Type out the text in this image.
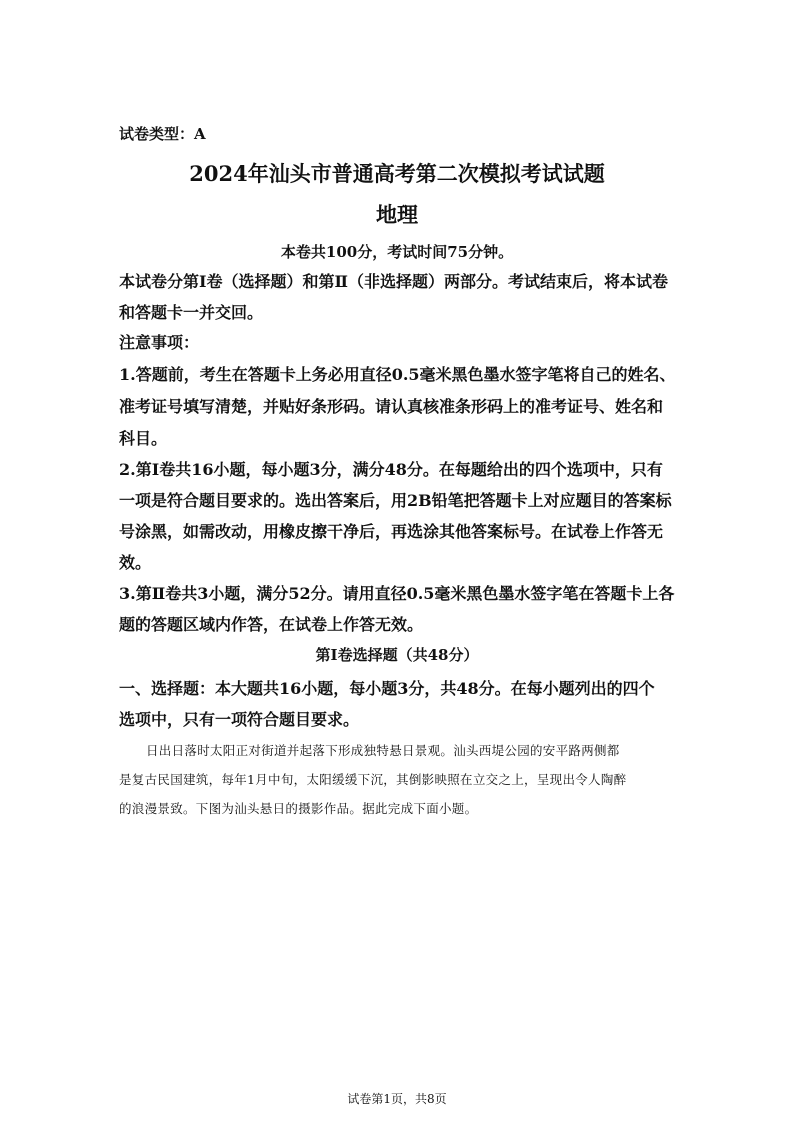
试卷类型：A
2024年汕头市普通高考第二次模拟考试试题
地理
本卷共100分，考试时间75分钟。
本试卷分第Ⅰ卷（选择题）和第Ⅱ（非选择题）两部分。考试结束后，将本试卷
和答题卡一并交回。
注意事项：
1.答题前，考生在答题卡上务必用直径0.5毫米黑色墨水签字笔将自己的姓名、
准考证号填写清楚，并贴好条形码。请认真核准条形码上的准考证号、姓名和
科目。
2.第Ⅰ卷共16小题，每小题3分，满分48分。在每题给出的四个选项中，只有
一项是符合题目要求的。选出答案后，用2B铅笔把答题卡上对应题目的答案标
号涂黑，如需改动，用橡皮擦干净后，再选涂其他答案标号。在试卷上作答无
效。
3.第Ⅱ卷共3小题，满分52分。请用直径0.5毫米黑色墨水签字笔在答题卡上各
题的答题区域内作答，在试卷上作答无效。
第Ⅰ卷选择题（共48分）
一、选择题：本大题共16小题，每小题3分，共48分。在每小题列出的四个
选项中，只有一项符合题目要求。
日出日落时太阳正对街道并起落下形成独特悬日景观。汕头西堤公园的安平路两侧都
是复古民国建筑，每年1月中旬，太阳缓缓下沉，其倒影映照在立交之上，呈现出令人陶醉
的浪漫景致。下图为汕头悬日的摄影作品。据此完成下面小题。
试卷第1页，共8页
